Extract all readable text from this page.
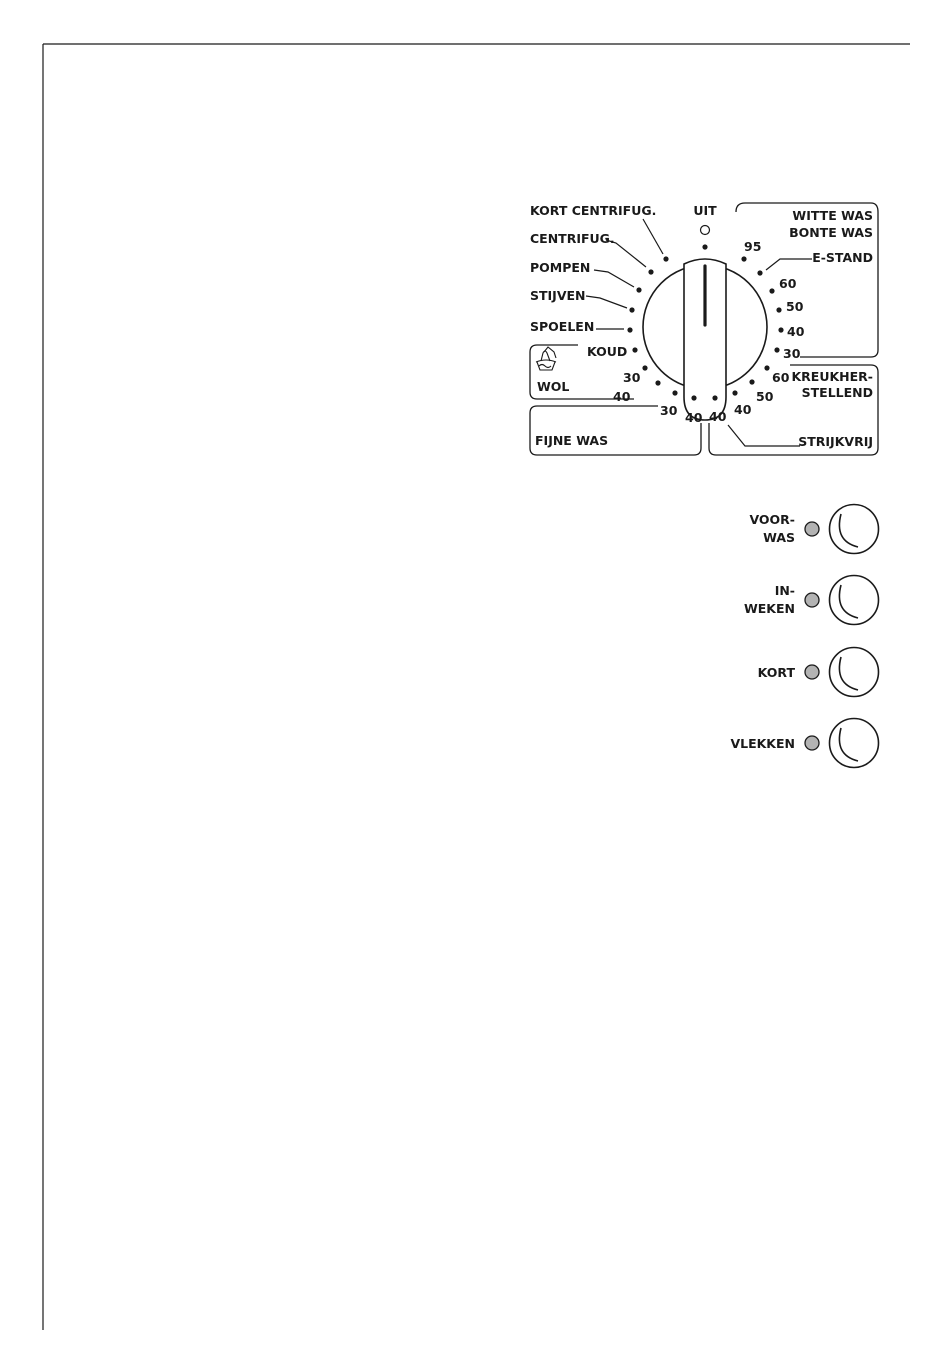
UIT
KORT CENTRIFUG.
CENTRIFUG.
POMPEN
STIJVEN
SPOELEN
KOUD
WITTE WAS
BONTE WAS
E-STAND
KREUKHER-
STELLEND
STRIJKVRIJ
FIJNE WAS
WOL
95
60
50
40
30
60
50
40
40
40
30
40
30
VOOR-
WAS
IN-
WEKEN
KORT
VLEKKEN
